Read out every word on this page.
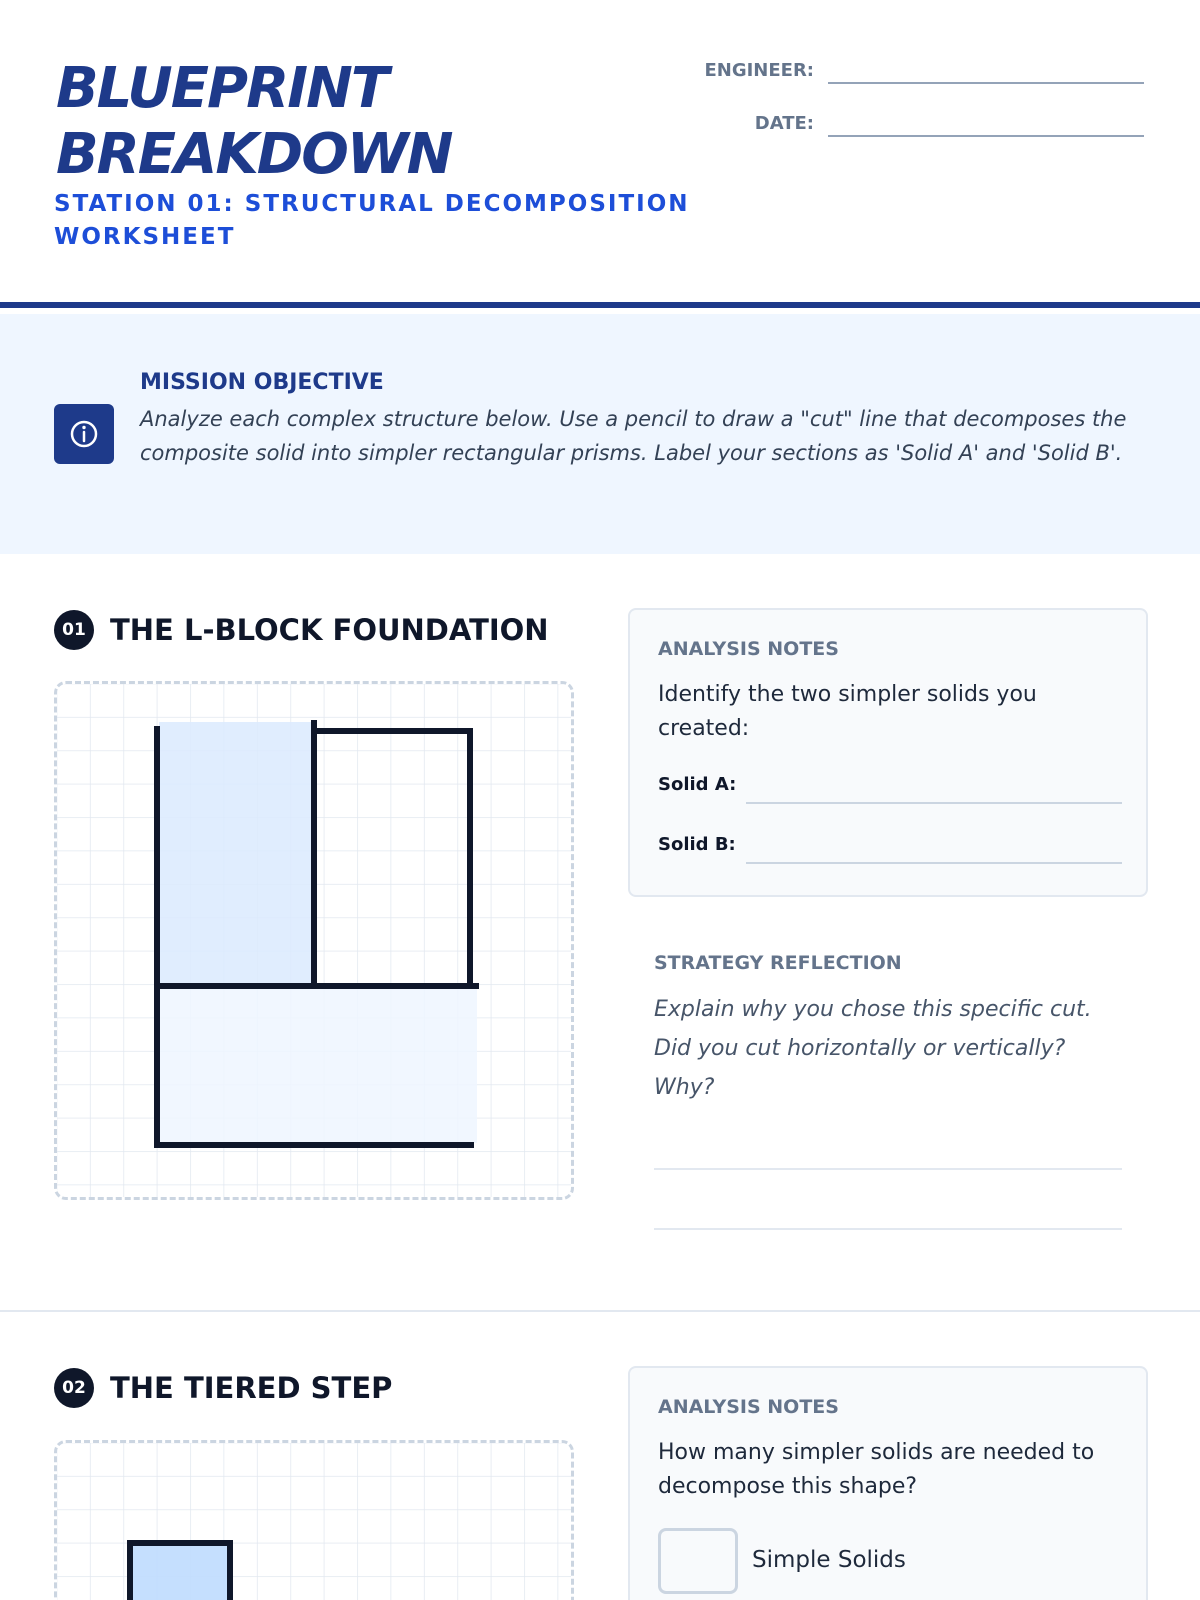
BLUEPRINT
BREAKDOWN
STATION 01: STRUCTURAL DECOMPOSITION WORKSHEET
ENGINEER:
DATE:
MISSION OBJECTIVE
Analyze each complex structure below. Use a pencil to draw a "cut" line that decomposes the composite solid into simpler rectangular prisms. Label your sections as 'Solid A' and 'Solid B'.
01 THE L-BLOCK FOUNDATION
ANALYSIS NOTES
Identify the two simpler solids you created:
Solid A:
Solid B:
STRATEGY REFLECTION
Explain why you chose this specific cut. Did you cut horizontally or vertically? Why?
02 THE TIERED STEP
ANALYSIS NOTES
How many simpler solids are needed to decompose this shape?
Simple Solids
